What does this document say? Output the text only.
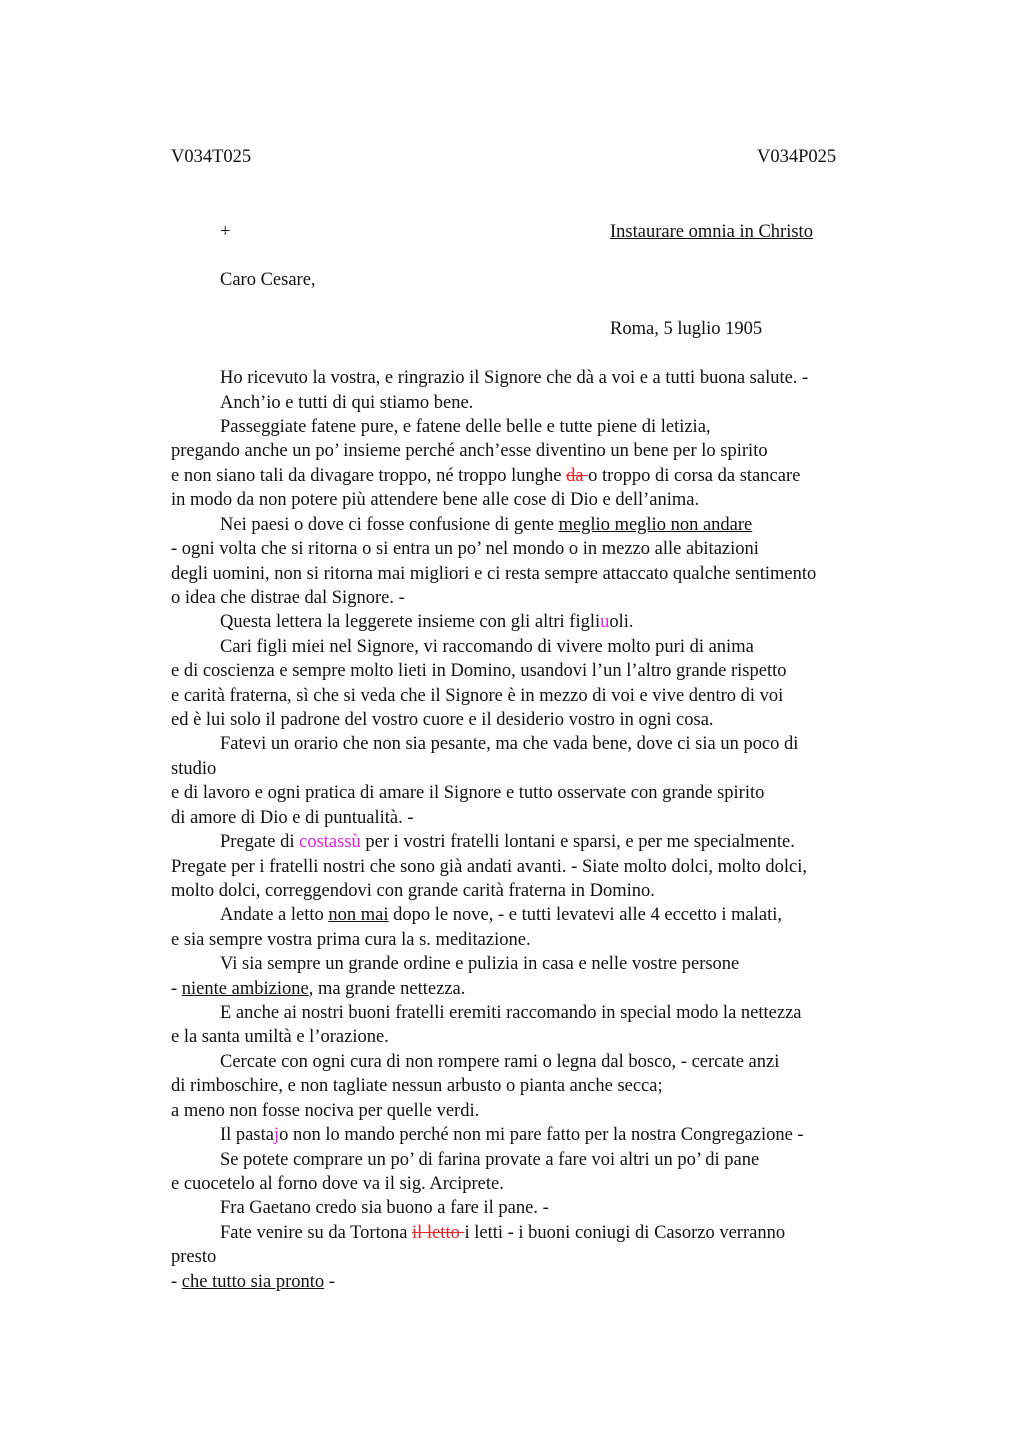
V034T025	V034P025
+	Instaurare omnia in Christo
Caro Cesare,
Roma, 5 luglio 1905
Ho ricevuto la vostra, e ringrazio il Signore che dà a voi e a tutti buona salute. -
Anch’io e tutti di qui stiamo bene.
Passeggiate fatene pure, e fatene delle belle e tutte piene di letizia,
pregando anche un po’ insieme perché anch’esse diventino un bene per lo spirito
e non siano tali da divagare troppo, né troppo lunghe da o troppo di corsa da stancare
in modo da non potere più attendere bene alle cose di Dio e dell’anima.
Nei paesi o dove ci fosse confusione di gente meglio meglio non andare
- ogni volta che si ritorna o si entra un po’ nel mondo o in mezzo alle abitazioni
degli uomini, non si ritorna mai migliori e ci resta sempre attaccato qualche sentimento
o idea che distrae dal Signore. -
Questa lettera la leggerete insieme con gli altri figliuoli.
Cari figli miei nel Signore, vi raccomando di vivere molto puri di anima
e di coscienza e sempre molto lieti in Domino, usandovi l’un l’altro grande rispetto
e carità fraterna, sì che si veda che il Signore è in mezzo di voi e vive dentro di voi
ed è lui solo il padrone del vostro cuore e il desiderio vostro in ogni cosa.
Fatevi un orario che non sia pesante, ma che vada bene, dove ci sia un poco di
studio
e di lavoro e ogni pratica di amare il Signore e tutto osservate con grande spirito
di amore di Dio e di puntualità. -
Pregate di costassù per i vostri fratelli lontani e sparsi, e per me specialmente.
Pregate per i fratelli nostri che sono già andati avanti. - Siate molto dolci, molto dolci,
molto dolci, correggendovi con grande carità fraterna in Domino.
Andate a letto non mai dopo le nove, - e tutti levatevi alle 4 eccetto i malati,
e sia sempre vostra prima cura la s. meditazione.
Vi sia sempre un grande ordine e pulizia in casa e nelle vostre persone
- niente ambizione, ma grande nettezza.
E anche ai nostri buoni fratelli eremiti raccomando in special modo la nettezza
e la santa umiltà e l’orazione.
Cercate con ogni cura di non rompere rami o legna dal bosco, - cercate anzi
di rimboschire, e non tagliate nessun arbusto o pianta anche secca;
a meno non fosse nociva per quelle verdi.
Il pastajo non lo mando perché non mi pare fatto per la nostra Congregazione -
Se potete comprare un po’ di farina provate a fare voi altri un po’ di pane
e cuocetelo al forno dove va il sig. Arciprete.
Fra Gaetano credo sia buono a fare il pane. -
Fate venire su da Tortona il letto i letti - i buoni coniugi di Casorzo verranno
presto
- che tutto sia pronto -
